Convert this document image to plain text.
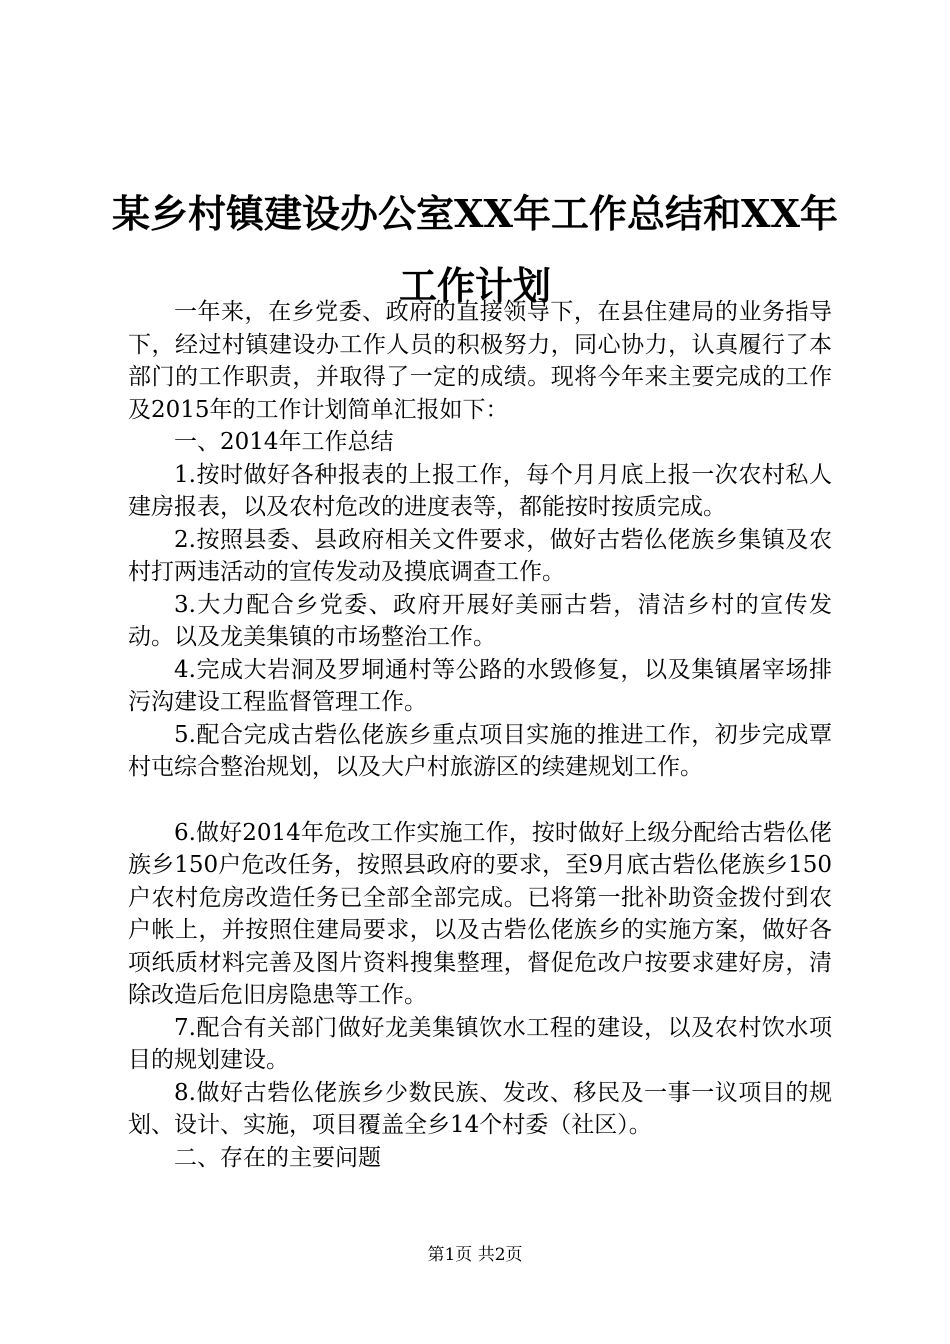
某乡村镇建设办公室XX年工作总结和XX年工作计划

一年来，在乡党委、政府的直接领导下，在县住建局的业务指导下，经过村镇建设办工作人员的积极努力，同心协力，认真履行了本部门的工作职责，并取得了一定的成绩。现将今年来主要完成的工作及2015年的工作计划简单汇报如下：

一、2014年工作总结

1.按时做好各种报表的上报工作，每个月月底上报一次农村私人建房报表，以及农村危改的进度表等，都能按时按质完成。

2.按照县委、县政府相关文件要求，做好古砦仫佬族乡集镇及农村打两违活动的宣传发动及摸底调查工作。

3.大力配合乡党委、政府开展好美丽古砦，清洁乡村的宣传发动。以及龙美集镇的市场整治工作。

4.完成大岩洞及罗垌通村等公路的水毁修复，以及集镇屠宰场排污沟建设工程监督管理工作。

5.配合完成古砦仫佬族乡重点项目实施的推进工作，初步完成覃村屯综合整治规划，以及大户村旅游区的续建规划工作。

6.做好2014年危改工作实施工作，按时做好上级分配给古砦仫佬族乡150户危改任务，按照县政府的要求，至9月底古砦仫佬族乡150户农村危房改造任务已全部全部完成。已将第一批补助资金拨付到农户帐上，并按照住建局要求，以及古砦仫佬族乡的实施方案，做好各项纸质材料完善及图片资料搜集整理，督促危改户按要求建好房，清除改造后危旧房隐患等工作。

7.配合有关部门做好龙美集镇饮水工程的建设，以及农村饮水项目的规划建设。

8.做好古砦仫佬族乡少数民族、发改、移民及一事一议项目的规划、设计、实施，项目覆盖全乡14个村委（社区）。

二、存在的主要问题

第1页 共2页
